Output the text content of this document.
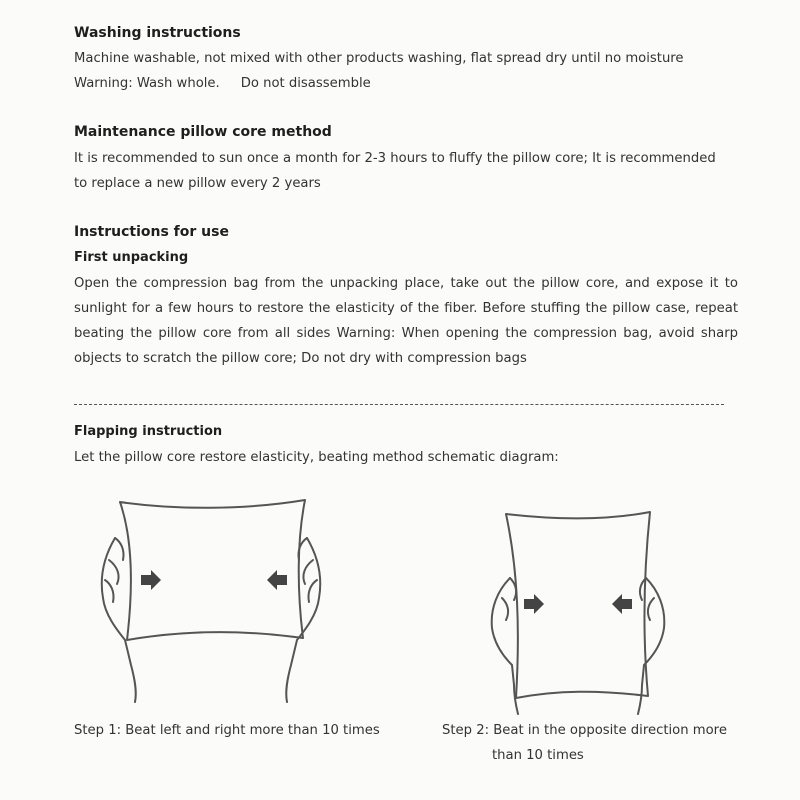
Washing instructions
Machine washable, not mixed with other products washing, flat spread dry until no moisture
Warning: Wash whole.     Do not disassemble
Maintenance pillow core method
It is recommended to sun once a month for 2-3 hours to fluffy the pillow core; It is recommended
to replace a new pillow every 2 years
Instructions for use
First unpacking
Open the compression bag from the unpacking place, take out the pillow core, and expose it to sunlight for a few hours to restore the elasticity of the fiber. Before stuffing the pillow case, repeat beating the pillow core from all sides Warning: When opening the compression bag, avoid sharp objects to scratch the pillow core; Do not dry with compression bags
Flapping instruction
Let the pillow core restore elasticity, beating method schematic diagram:
Step 1: Beat left and right more than 10 times	Step 2: Beat in the opposite direction more
than 10 times
